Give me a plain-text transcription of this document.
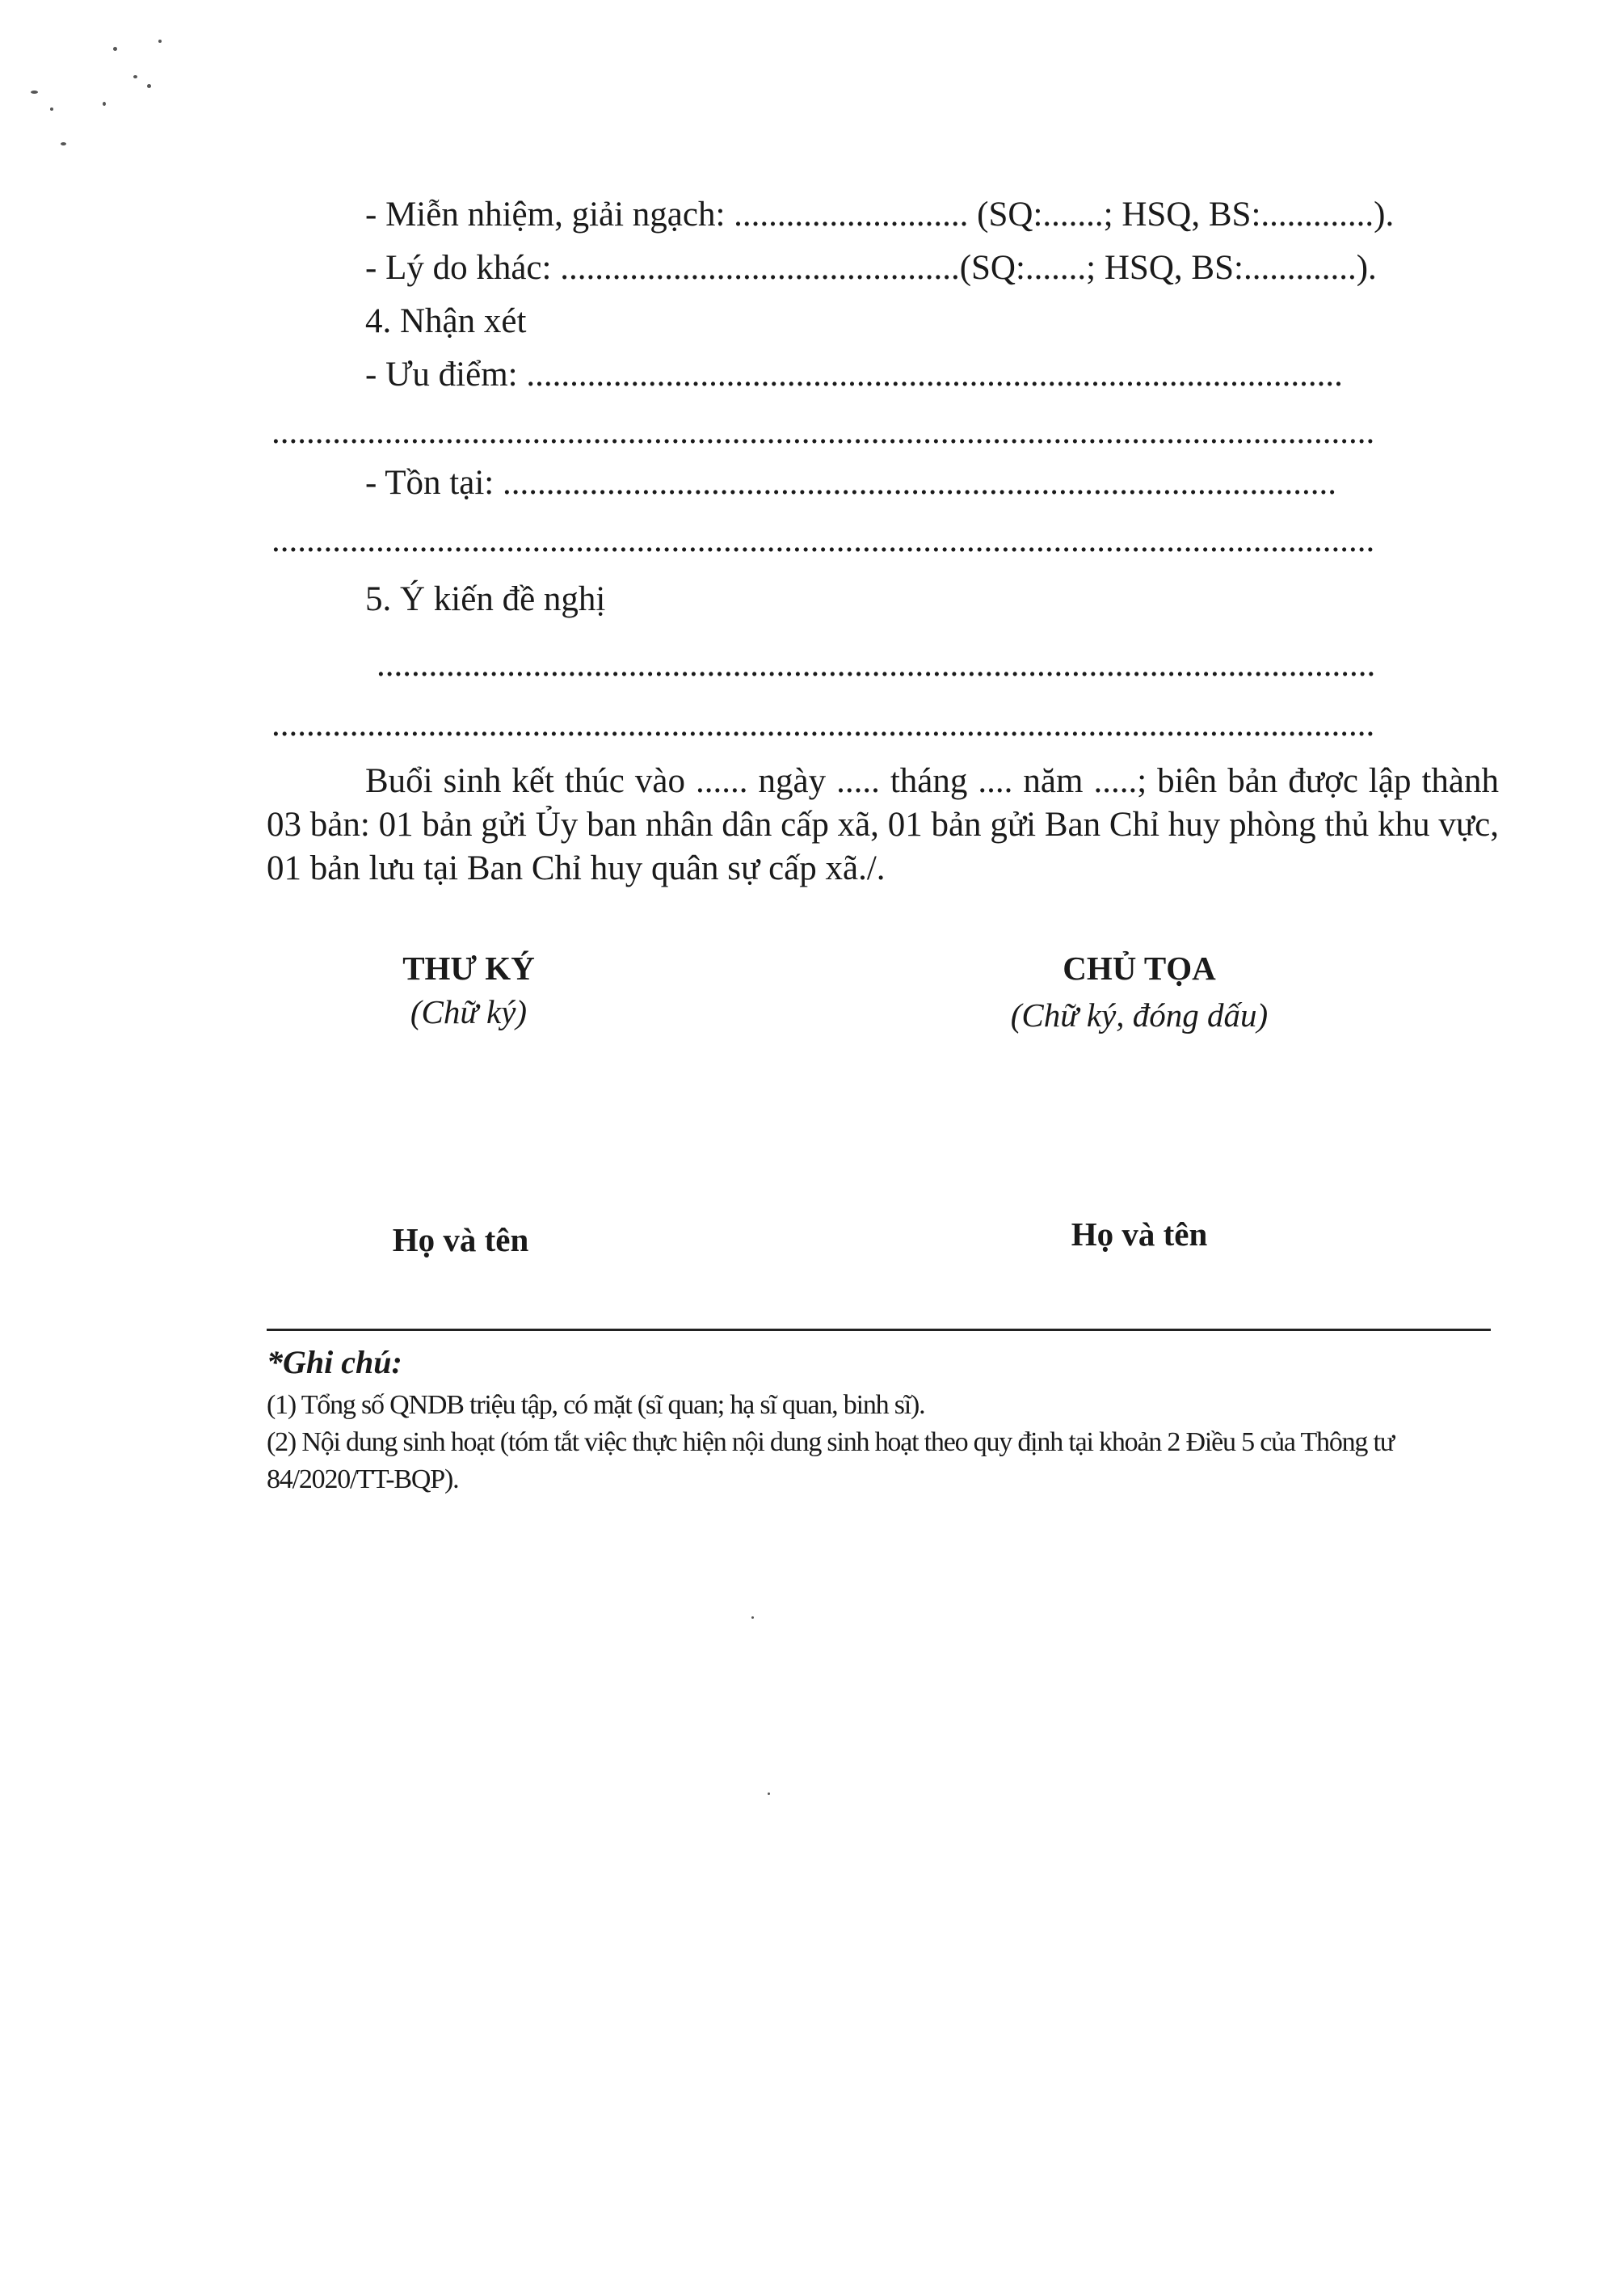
- Miễn nhiệm, giải ngạch: ........................... (SQ:.......; HSQ, BS:.............).
- Lý do khác: ..............................................(SQ:.......; HSQ, BS:.............).
4. Nhận xét
- Ưu điểm: ..............................................................................................
...............................................................................................................................
- Tồn tại: ................................................................................................
...............................................................................................................................
5. Ý kiến đề nghị
...................................................................................................................
...............................................................................................................................
Buổi sinh kết thúc vào ...... ngày ..... tháng .... năm .....; biên bản được lập thành 03 bản: 01 bản gửi Ủy ban nhân dân cấp xã, 01 bản gửi Ban Chỉ huy phòng thủ khu vực, 01 bản lưu tại Ban Chỉ huy quân sự cấp xã./.
THƯ KÝ
(Chữ ký)
CHỦ TỌA
(Chữ ký, đóng dấu)
Họ và tên	Họ và tên
*Ghi chú:
(1) Tổng số QNDB triệu tập, có mặt (sĩ quan; hạ sĩ quan, binh sĩ).
(2) Nội dung sinh hoạt (tóm tắt việc thực hiện nội dung sinh hoạt theo quy định tại khoản 2 Điều 5 của Thông tư 84/2020/TT-BQP).
